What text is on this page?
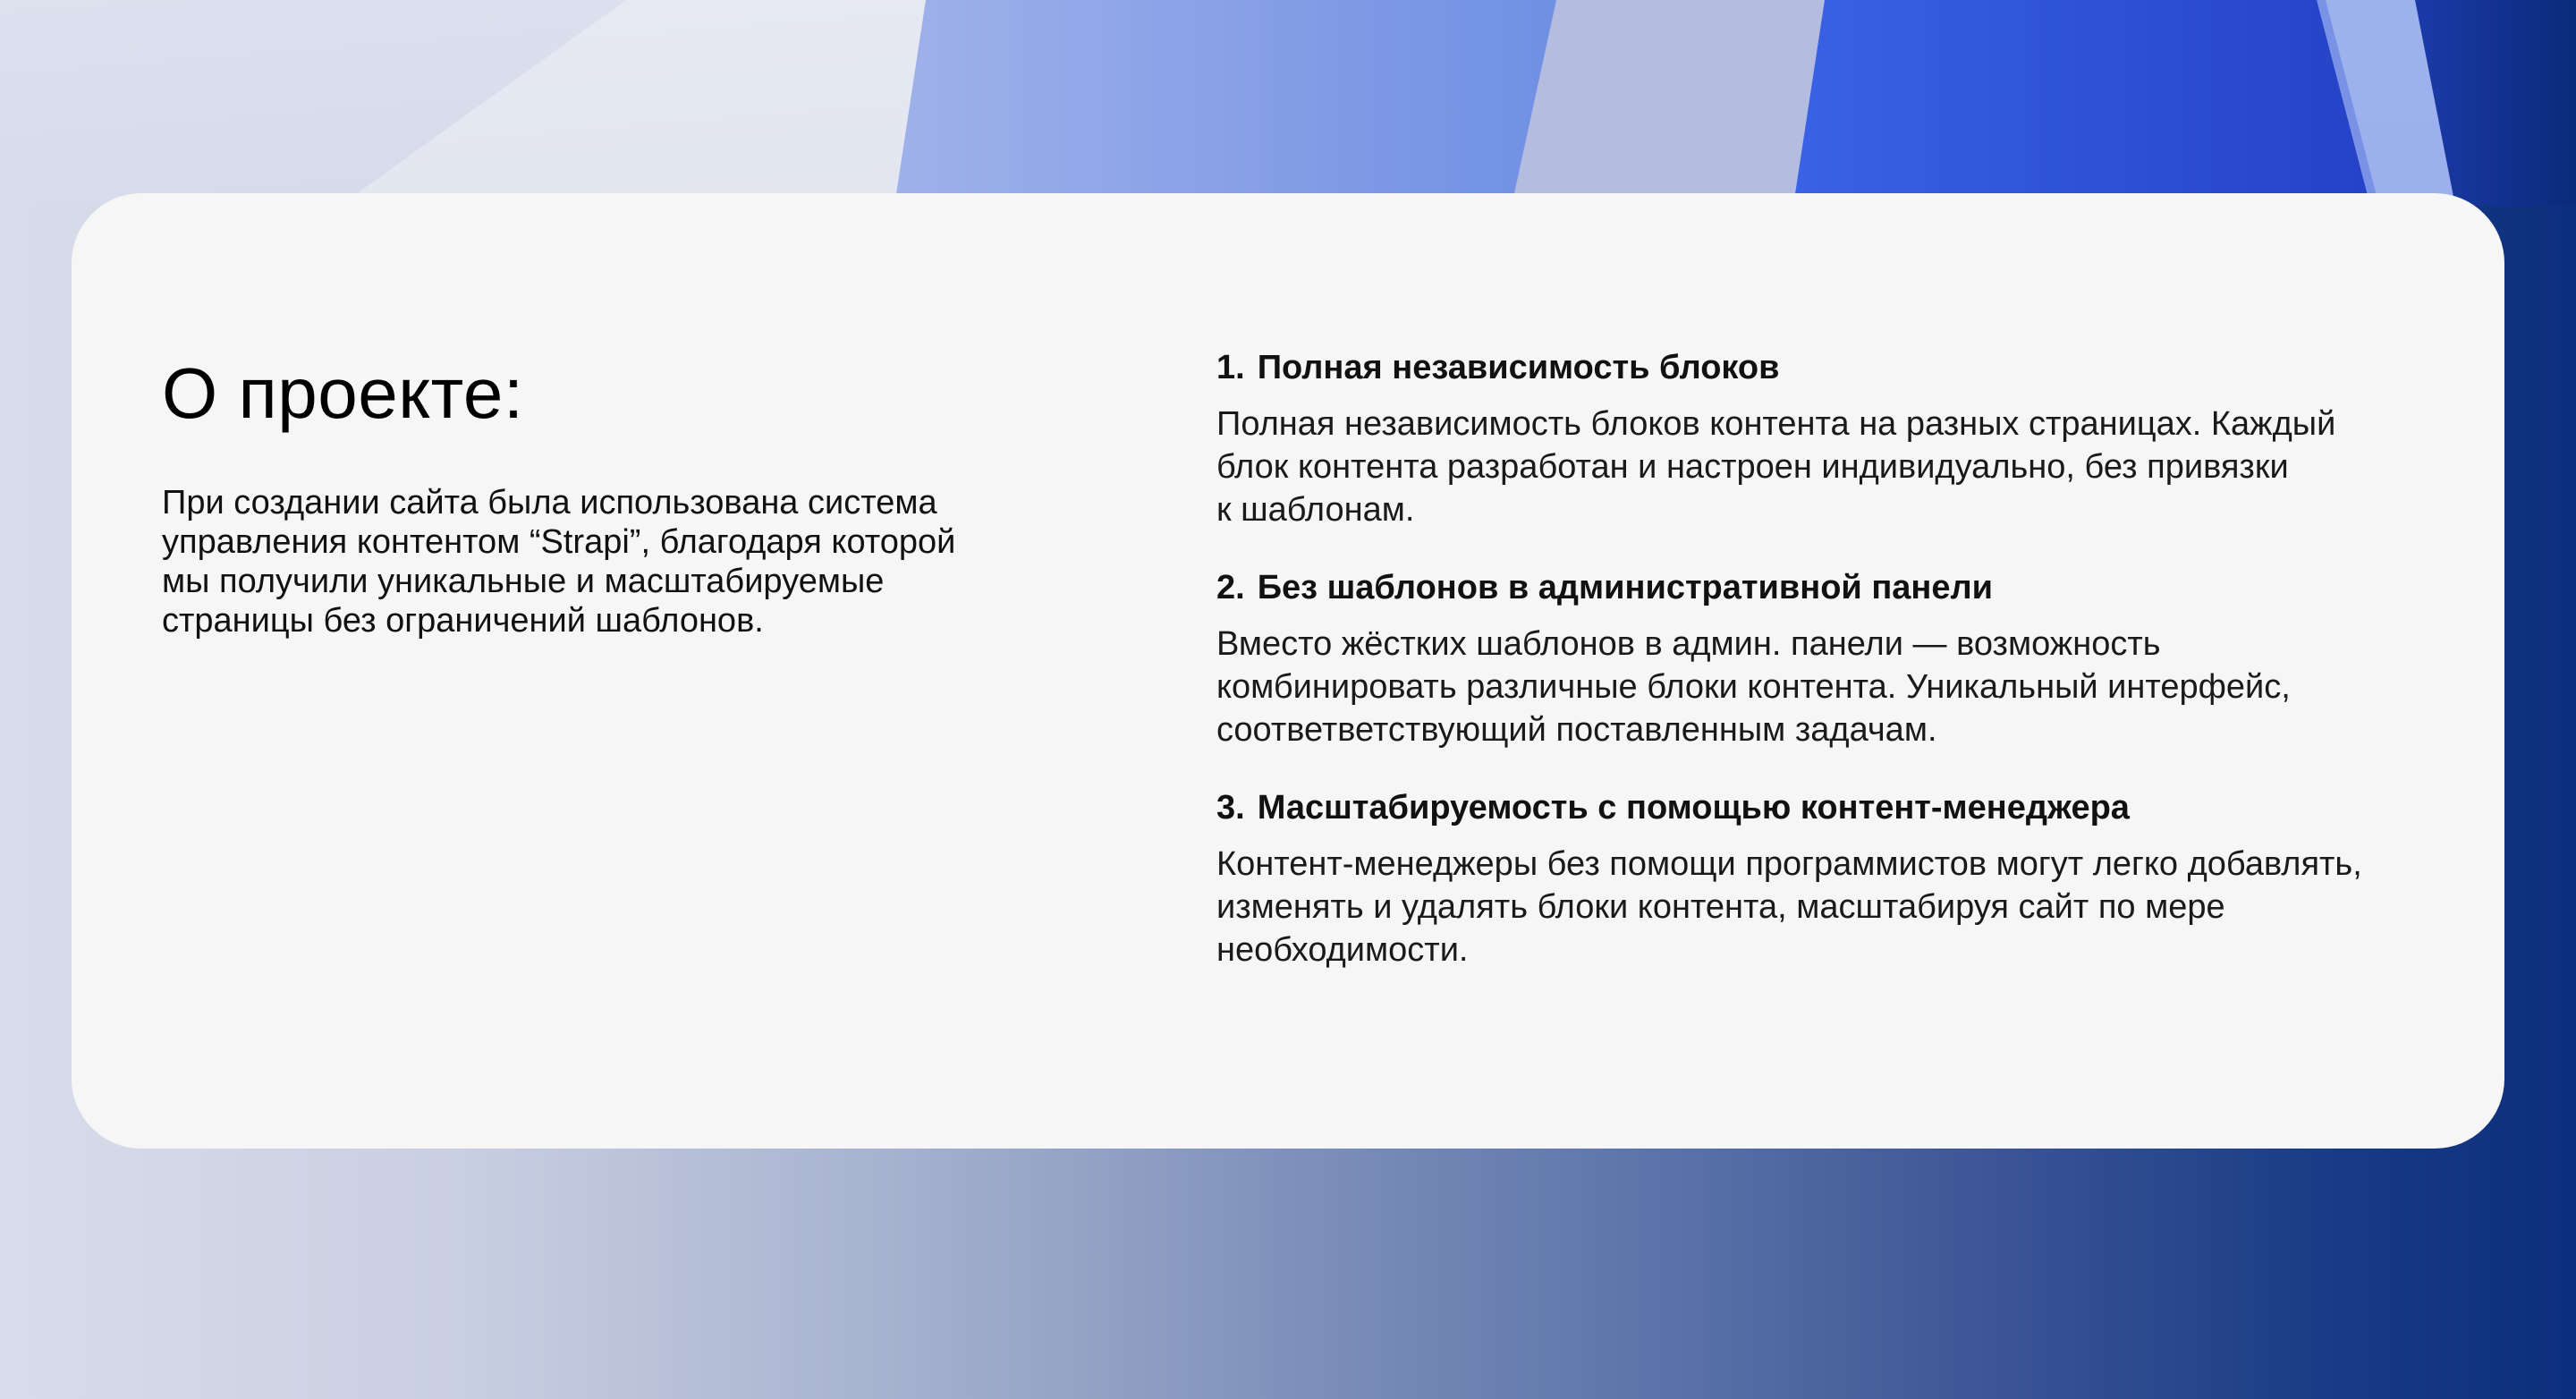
О проекте:

При создании сайта была использована система
управления контентом “Strapi”, благодаря которой
мы получили уникальные и масштабируемые
страницы без ограничений шаблонов.

1. Полная независимость блоков

Полная независимость блоков контента на разных страницах. Каждый
блок контента разработан и настроен индивидуально, без привязки
к шаблонам.

2. Без шаблонов в административной панели

Вместо жёстких шаблонов в админ. панели — возможность
комбинировать различные блоки контента. Уникальный интерфейс,
соответветствующий поставленным задачам.

3. Масштабируемость с помощью контент-менеджера

Контент-менеджеры без помощи программистов могут легко добавлять,
изменять и удалять блоки контента, масштабируя сайт по мере
необходимости.
